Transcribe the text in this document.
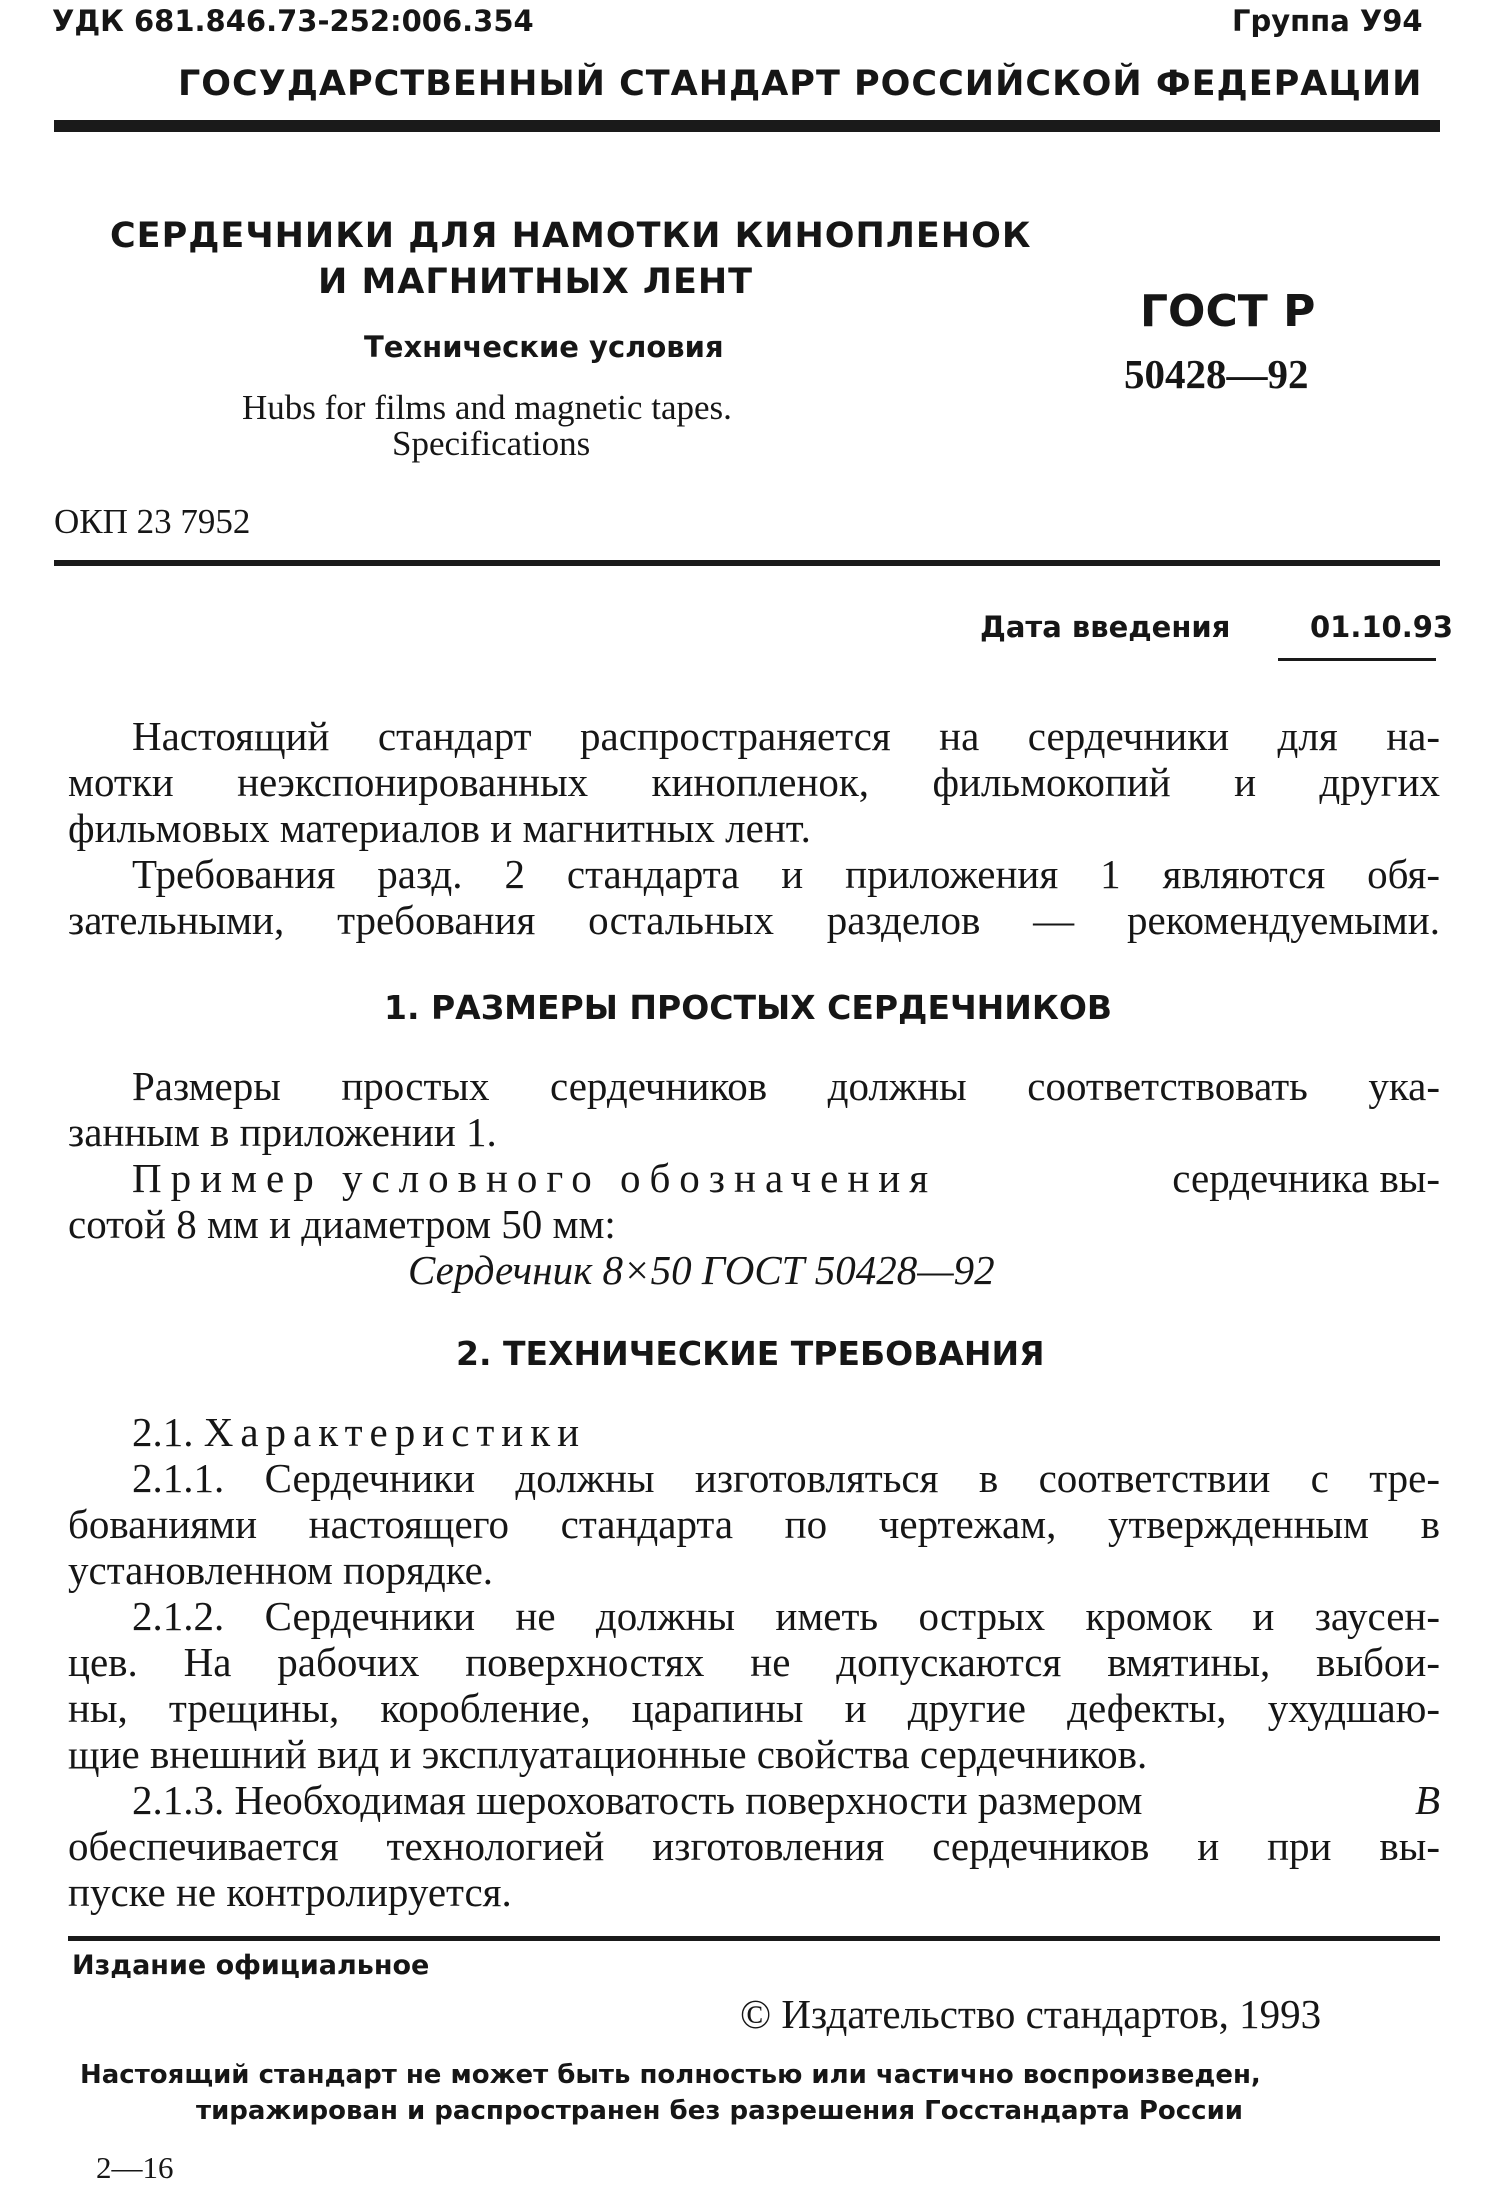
УДК 681.846.73-252:006.354	Группа У94
ГОСУДАРСТВЕННЫЙ СТАНДАРТ РОССИЙСКОЙ ФЕДЕРАЦИИ
СЕРДЕЧНИКИ ДЛЯ НАМОТКИ КИНОПЛЕНОК
И МАГНИТНЫХ ЛЕНТ
Технические условия
Hubs for films and magnetic tapes.
Specifications
ГОСТ Р
50428—92
ОКП 23 7952
Дата введения	01.10.93
Настоящий стандарт распространяется на сердечники для на-
мотки неэкспонированных кинопленок, фильмокопий и других
фильмовых материалов и магнитных лент.
Требования разд. 2 стандарта и приложения 1 являются обя-
зательными, требования остальных разделов — рекомендуемыми.
1. РАЗМЕРЫ ПРОСТЫХ СЕРДЕЧНИКОВ
Размеры простых сердечников должны соответствовать ука-
занным в приложении 1.
Пример условного обозначения	сердечника вы-
сотой 8 мм и диаметром 50 мм:
Сердечник 8×50 ГОСТ 50428—92
2. ТЕХНИЧЕСКИЕ ТРЕБОВАНИЯ
2.1. Характеристики
2.1.1. Сердечники должны изготовляться в соответствии с тре-
бованиями настоящего стандарта по чертежам, утвержденным в
установленном порядке.
2.1.2. Сердечники не должны иметь острых кромок и заусен-
цев. На рабочих поверхностях не допускаются вмятины, выбои-
ны, трещины, коробление, царапины и другие дефекты, ухудшаю-
щие внешний вид и эксплуатационные свойства сердечников.
2.1.3. Необходимая шероховатость поверхности размером	B
обеспечивается технологией изготовления сердечников и при вы-
пуске не контролируется.
Издание официальное
© Издательство стандартов, 1993
Настоящий стандарт не может быть полностью или частично воспроизведен,
тиражирован и распространен без разрешения Госстандарта России
2—16
